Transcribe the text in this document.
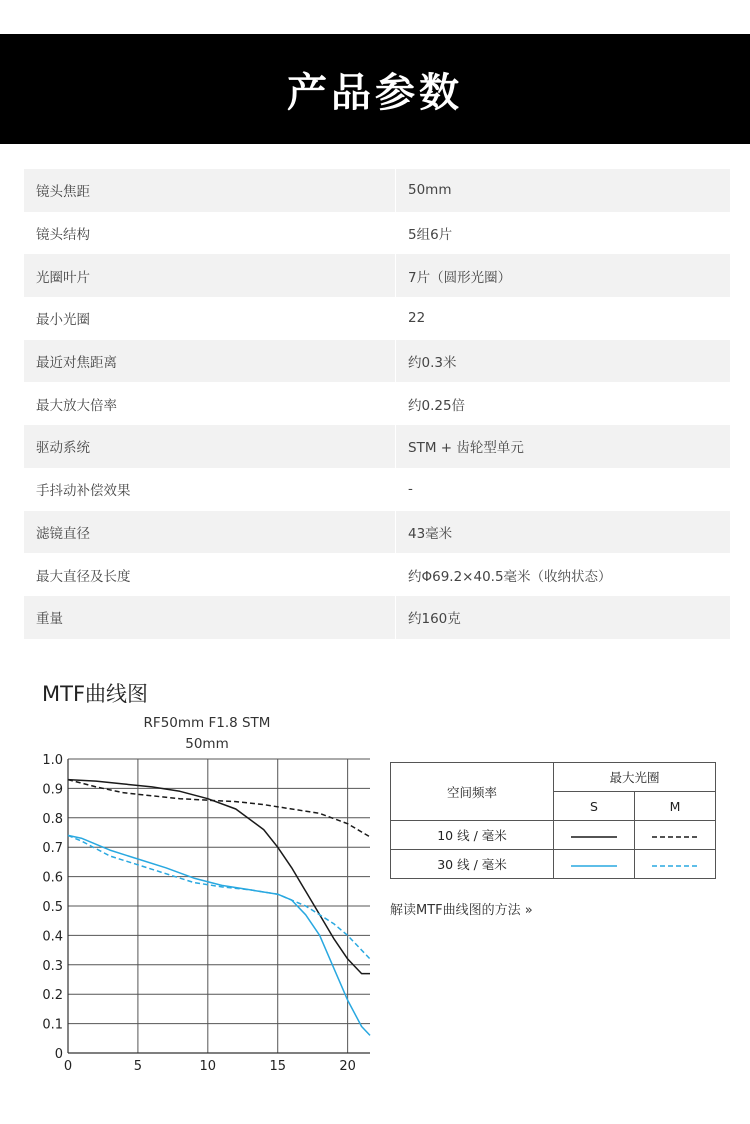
产品参数
镜头焦距	50mm
镜头结构	5组6片
光圈叶片	7片（圆形光圈）
最小光圈	22
最近对焦距离	约0.3米
最大放大倍率	约0.25倍
驱动系统	STM + 齿轮型单元
手抖动补偿效果	-
滤镜直径	43毫米
最大直径及长度	约Φ69.2×40.5毫米（收纳状态）
重量	约160克
MTF曲线图
RF50mm F1.8 STM
50mm
0
0.1
0.2
0.3
0.4
0.5
0.6
0.7
0.8
0.9
1.0
0	5	10	15	20
空间频率	最大光圈	
	S	M
10 线 / 毫米		
30 线 / 毫米		
解读MTF曲线图的方法 »
